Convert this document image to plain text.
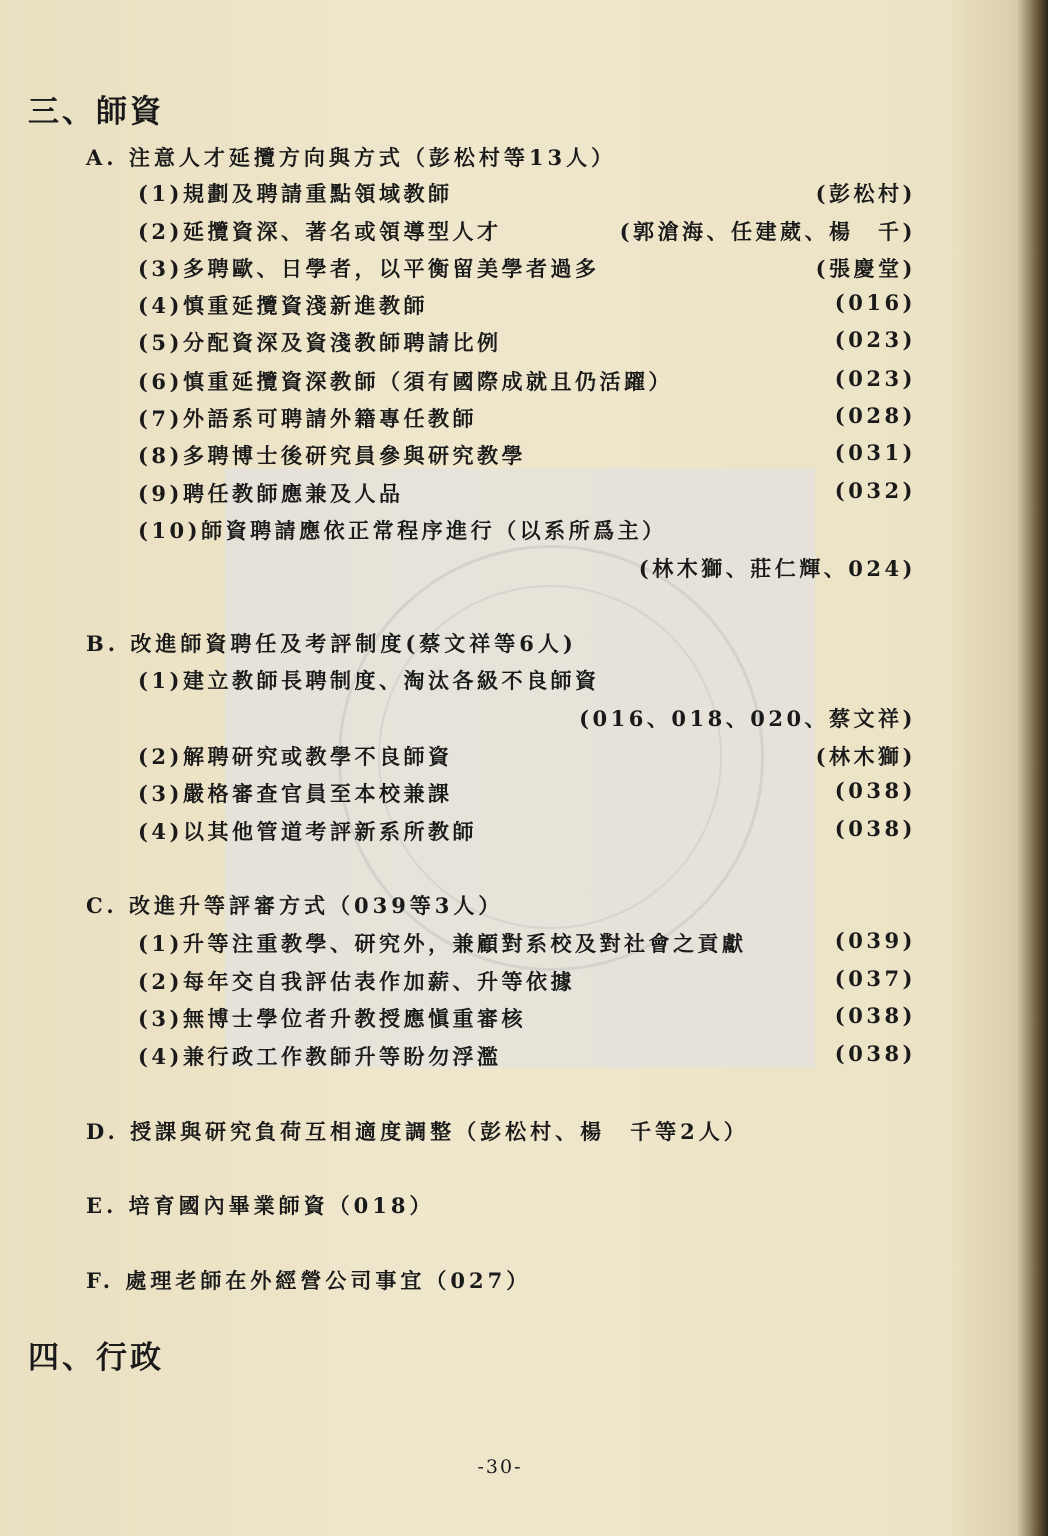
三、師資
A. 注意人才延攬方向與方式（彭松村等13人）
(1)規劃及聘請重點領域教師	(彭松村)
(2)延攬資深、著名或領導型人才	(郭滄海、任建葳、楊　千)
(3)多聘歐、日學者，以平衡留美學者過多	(張慶堂)
(4)慎重延攬資淺新進教師	(016)
(5)分配資深及資淺教師聘請比例	(023)
(6)慎重延攬資深教師（須有國際成就且仍活躍）	(023)
(7)外語系可聘請外籍專任教師	(028)
(8)多聘博士後研究員參與研究教學	(031)
(9)聘任教師應兼及人品	(032)
(10)師資聘請應依正常程序進行（以系所爲主）
(林木獅、莊仁輝、024)
B. 改進師資聘任及考評制度(蔡文祥等6人)
(1)建立教師長聘制度、淘汰各級不良師資
(016、018、020、蔡文祥)
(2)解聘研究或教學不良師資	(林木獅)
(3)嚴格審查官員至本校兼課	(038)
(4)以其他管道考評新系所教師	(038)
C. 改進升等評審方式（039等3人）
(1)升等注重教學、研究外，兼顧對系校及對社會之貢獻	(039)
(2)每年交自我評估表作加薪、升等依據	(037)
(3)無博士學位者升教授應愼重審核	(038)
(4)兼行政工作教師升等盼勿浮濫	(038)
D. 授課與研究負荷互相適度調整（彭松村、楊　千等2人）
E. 培育國內畢業師資（018）
F. 處理老師在外經營公司事宜（027）
四、行政
-30-
